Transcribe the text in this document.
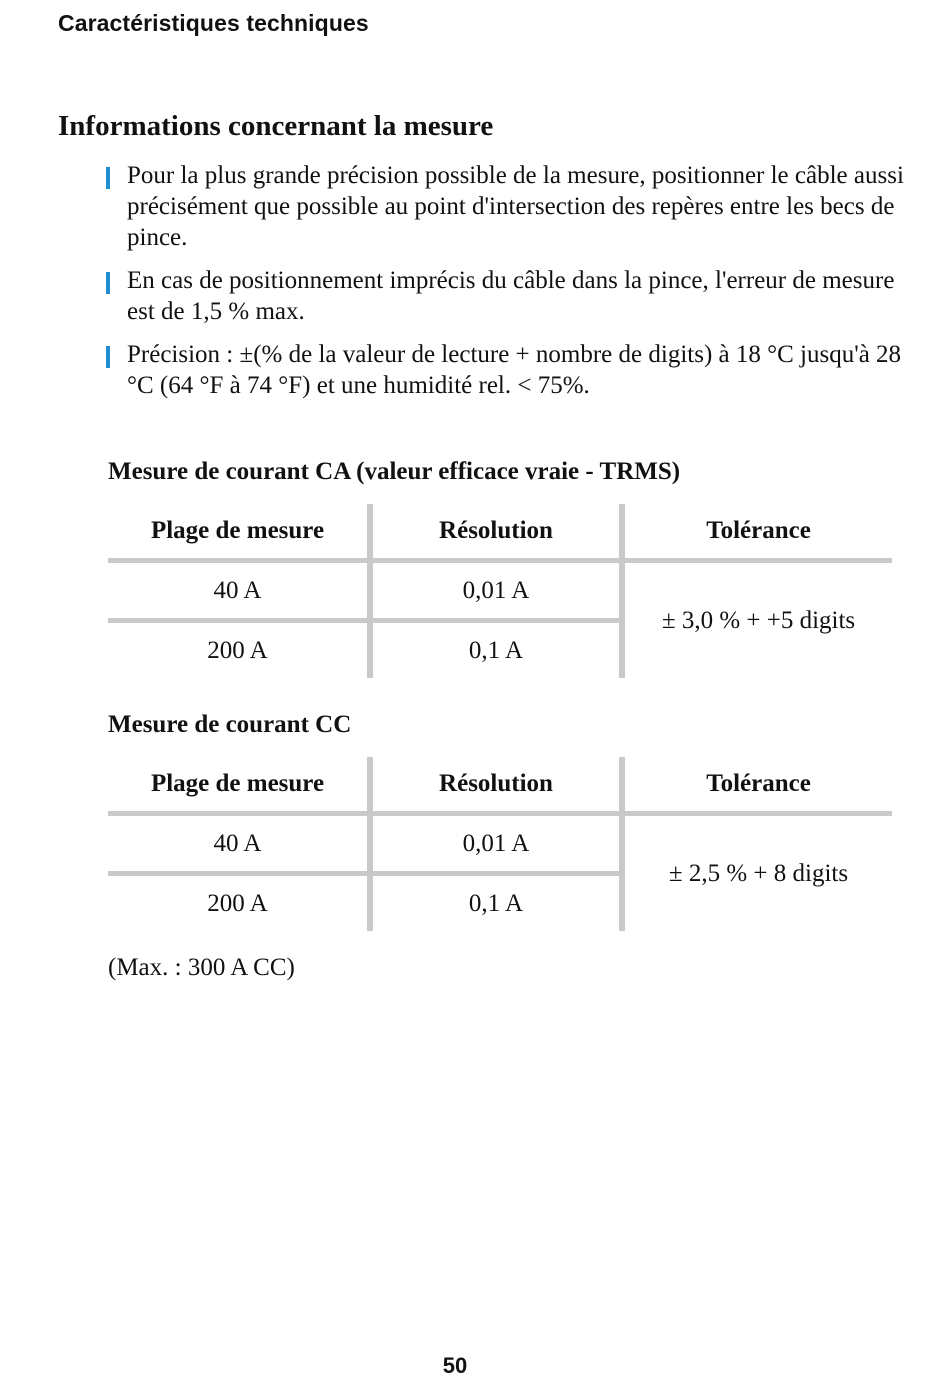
Caractéristiques techniques
Informations concernant la mesure
Pour la plus grande précision possible de la mesure, positionner le câble aussi précisément que possible au point d'intersection des repères entre les becs de pince.
En cas de positionnement imprécis du câble dans la pince, l'erreur de mesure est de 1,5 % max.
Précision : ±(% de la valeur de lecture + nombre de digits) à 18 °C jusqu'à 28 °C (64 °F à 74 °F) et une humidité rel. < 75%.
Mesure de courant CA (valeur efficace vraie - TRMS)
Plage de mesure	Résolution	Tolérance
40 A	0,01 A	± 3,0 % + +5 digits
200 A	0,1 A	
Mesure de courant CC
Plage de mesure	Résolution	Tolérance
40 A	0,01 A	± 2,5 % + 8 digits
200 A	0,1 A	
(Max. : 300 A CC)
50
